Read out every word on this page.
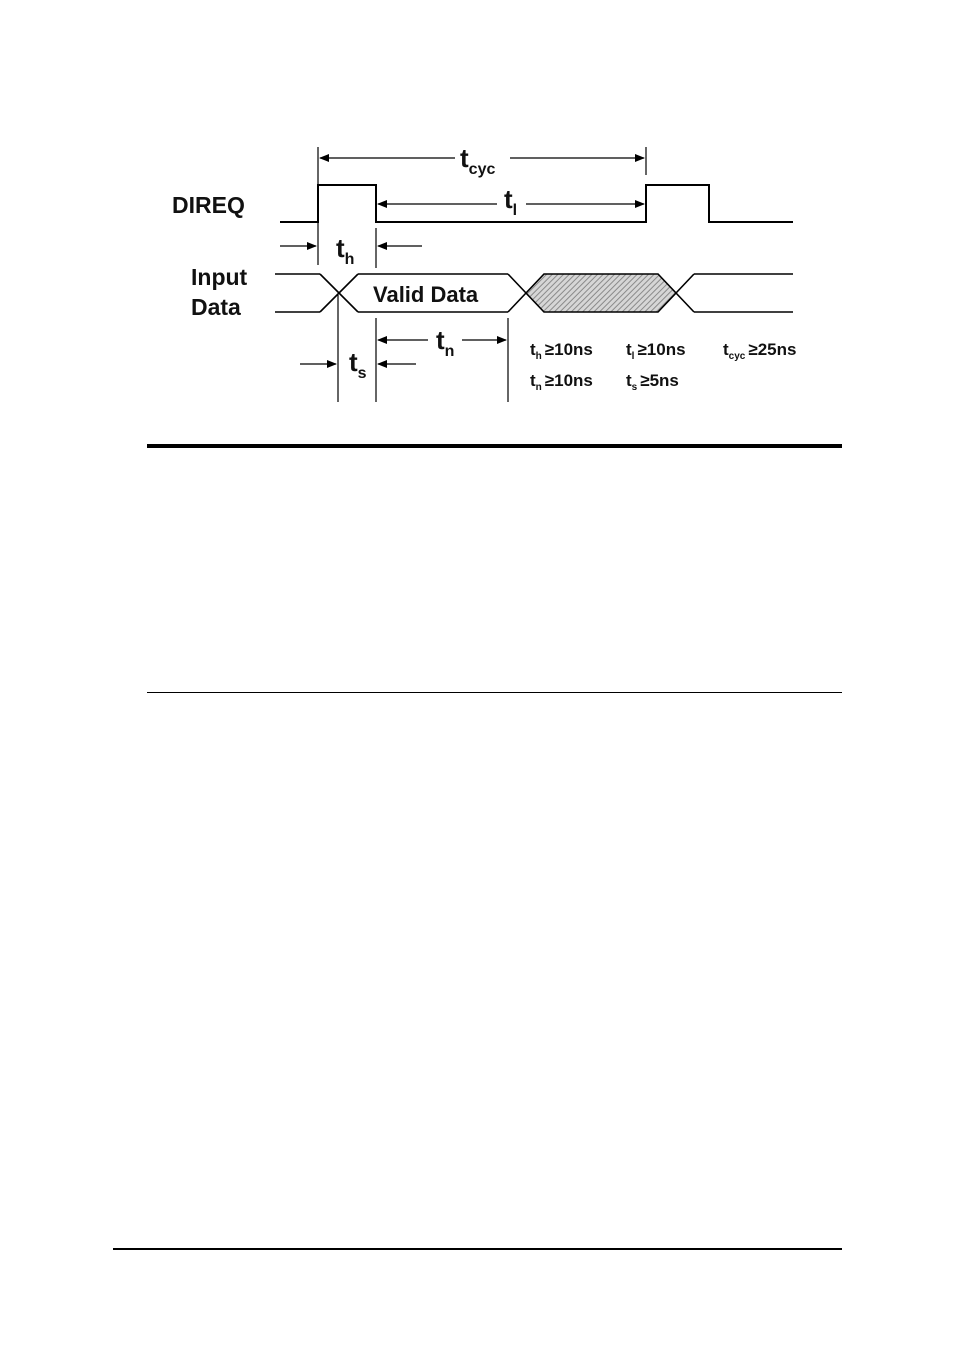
DIREQ
Input
Data	Valid Data
$t_{cyc}$
$t_l$
$t_h$
$t_n$
$t_s$
$t_h \ge 10ns$ $t_l \ge 10ns$ $t_{cyc} \ge 25ns$
$t_n \ge 10ns$ $t_s \ge 5ns$
